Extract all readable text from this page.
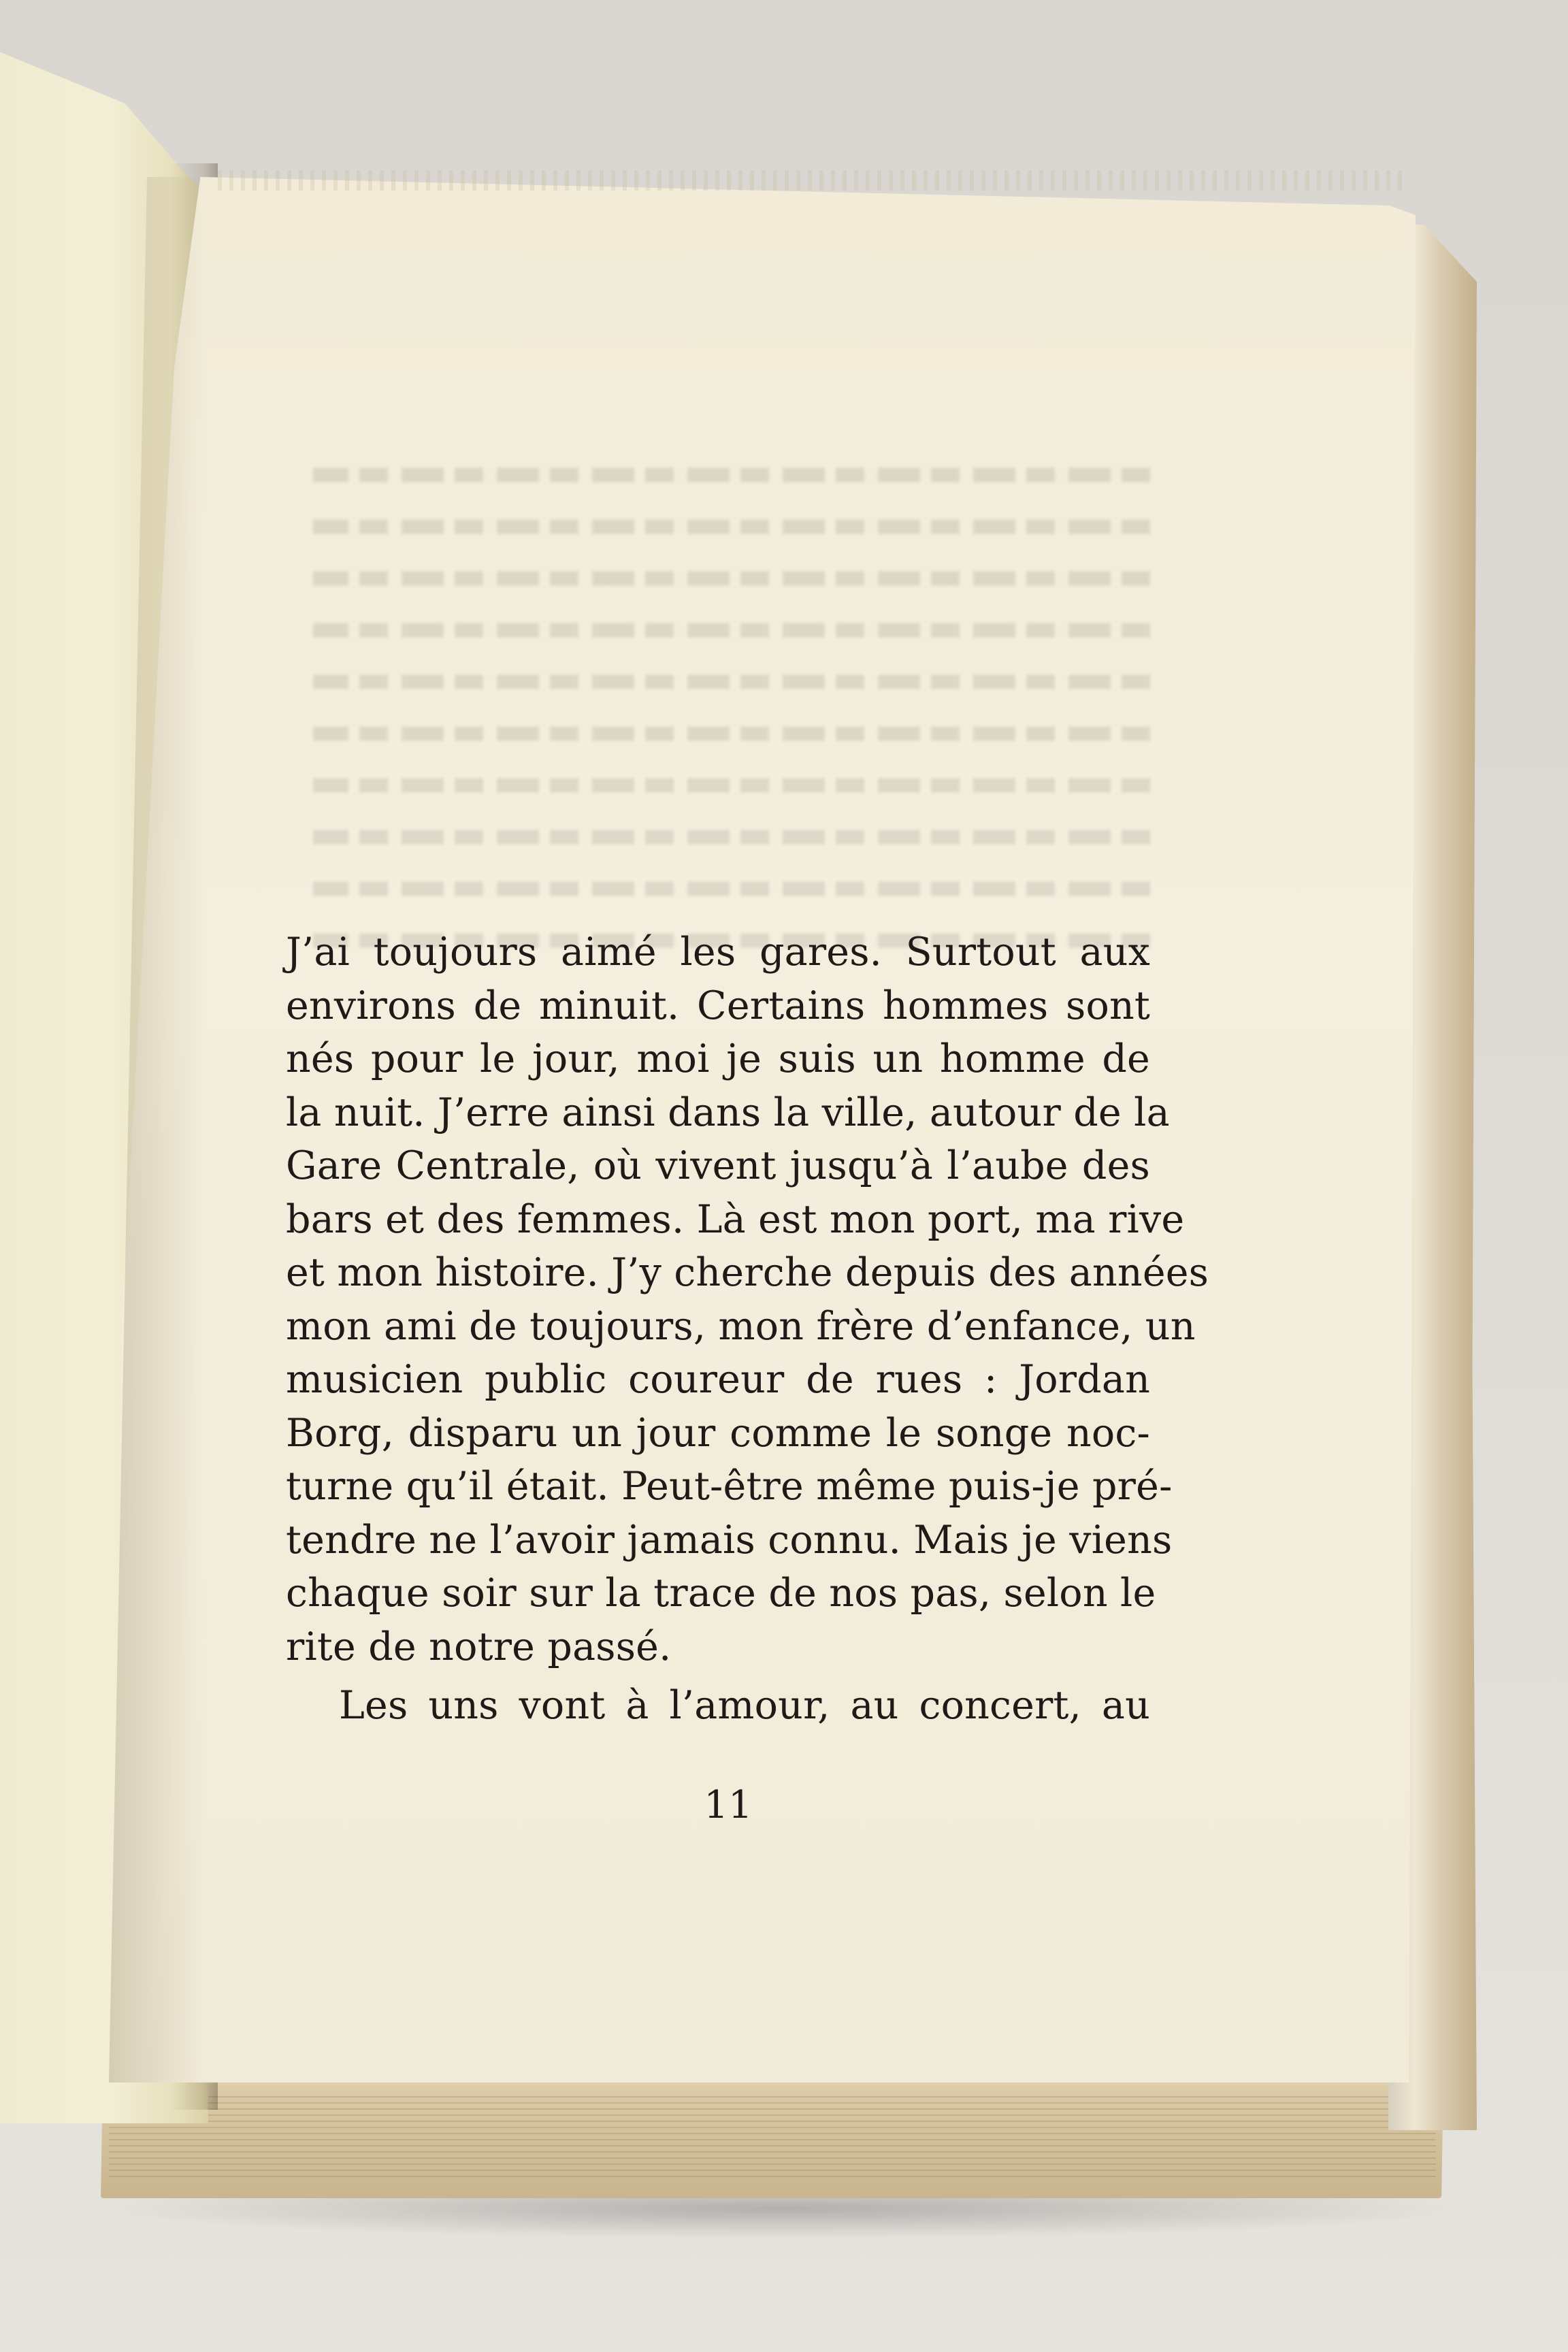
J’ai toujours aimé les gares. Surtout aux
environs de minuit. Certains hommes sont
nés pour le jour, moi je suis un homme de
la nuit. J’erre ainsi dans la ville, autour de la
Gare Centrale, où vivent jusqu’à l’aube des
bars et des femmes. Là est mon port, ma rive
et mon histoire. J’y cherche depuis des années
mon ami de toujours, mon frère d’enfance, un
musicien public coureur de rues : Jordan
Borg, disparu un jour comme le songe noc-
turne qu’il était. Peut-être même puis-je pré-
tendre ne l’avoir jamais connu. Mais je viens
chaque soir sur la trace de nos pas, selon le
rite de notre passé.
Les uns vont à l’amour, au concert, au
11
